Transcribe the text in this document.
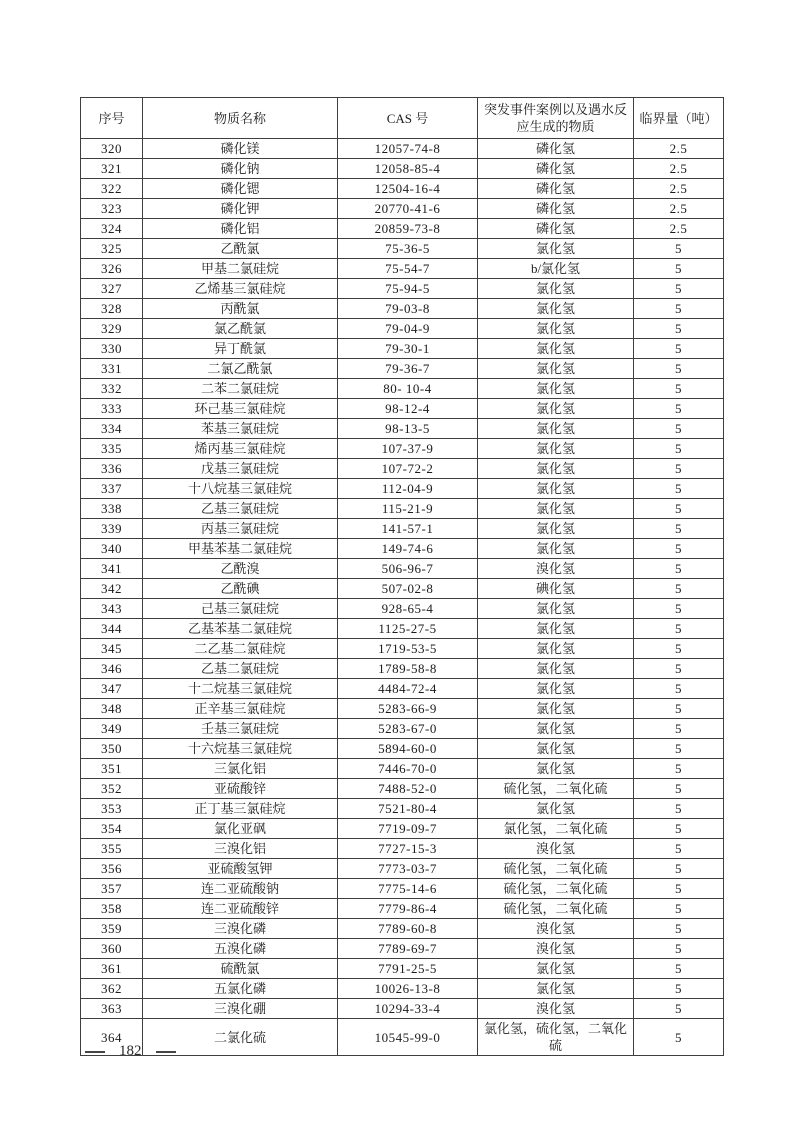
序号	物质名称	CAS 号	突发事件案例以及遇水反应生成的物质	临界量（吨）
320	磷化镁	12057-74-8	磷化氢	2.5
321	磷化钠	12058-85-4	磷化氢	2.5
322	磷化锶	12504-16-4	磷化氢	2.5
323	磷化钾	20770-41-6	磷化氢	2.5
324	磷化铝	20859-73-8	磷化氢	2.5
325	乙酰氯	75-36-5	氯化氢	5
326	甲基二氯硅烷	75-54-7	b/氯化氢	5
327	乙烯基三氯硅烷	75-94-5	氯化氢	5
328	丙酰氯	79-03-8	氯化氢	5
329	氯乙酰氯	79-04-9	氯化氢	5
330	异丁酰氯	79-30-1	氯化氢	5
331	二氯乙酰氯	79-36-7	氯化氢	5
332	二苯二氯硅烷	80- 10-4	氯化氢	5
333	环己基三氯硅烷	98-12-4	氯化氢	5
334	苯基三氯硅烷	98-13-5	氯化氢	5
335	烯丙基三氯硅烷	107-37-9	氯化氢	5
336	戊基三氯硅烷	107-72-2	氯化氢	5
337	十八烷基三氯硅烷	112-04-9	氯化氢	5
338	乙基三氯硅烷	115-21-9	氯化氢	5
339	丙基三氯硅烷	141-57-1	氯化氢	5
340	甲基苯基二氯硅烷	149-74-6	氯化氢	5
341	乙酰溴	506-96-7	溴化氢	5
342	乙酰碘	507-02-8	碘化氢	5
343	己基三氯硅烷	928-65-4	氯化氢	5
344	乙基苯基二氯硅烷	1125-27-5	氯化氢	5
345	二乙基二氯硅烷	1719-53-5	氯化氢	5
346	乙基二氯硅烷	1789-58-8	氯化氢	5
347	十二烷基三氯硅烷	4484-72-4	氯化氢	5
348	正辛基三氯硅烷	5283-66-9	氯化氢	5
349	壬基三氯硅烷	5283-67-0	氯化氢	5
350	十六烷基三氯硅烷	5894-60-0	氯化氢	5
351	三氯化铝	7446-70-0	氯化氢	5
352	亚硫酸锌	7488-52-0	硫化氢，二氧化硫	5
353	正丁基三氯硅烷	7521-80-4	氯化氢	5
354	氯化亚砜	7719-09-7	氯化氢，二氧化硫	5
355	三溴化铝	7727-15-3	溴化氢	5
356	亚硫酸氢钾	7773-03-7	硫化氢，二氧化硫	5
357	连二亚硫酸钠	7775-14-6	硫化氢，二氧化硫	5
358	连二亚硫酸锌	7779-86-4	硫化氢，二氧化硫	5
359	三溴化磷	7789-60-8	溴化氢	5
360	五溴化磷	7789-69-7	溴化氢	5
361	硫酰氯	7791-25-5	氯化氢	5
362	五氯化磷	10026-13-8	氯化氢	5
363	三溴化硼	10294-33-4	溴化氢	5
364	二氯化硫	10545-99-0	氯化氢，硫化氢，二氧化硫	5
182
